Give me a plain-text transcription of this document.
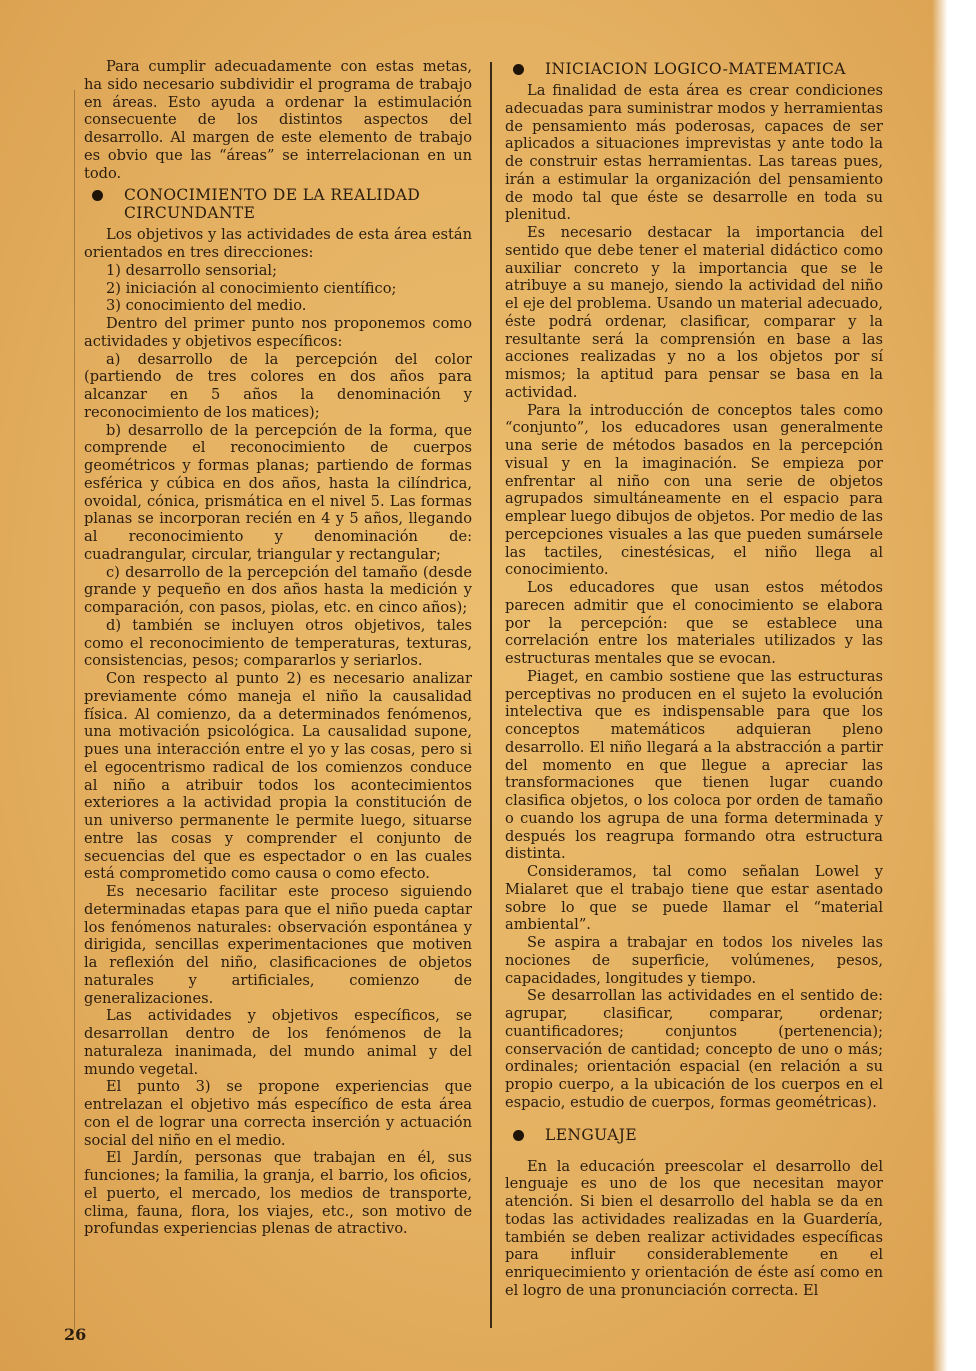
Para cumplir adecuadamente con estas metas, ha sido necesario subdividir el programa de trabajo en áreas. Esto ayuda a ordenar la estimulación consecuente de los distintos aspectos del desarrollo. Al margen de este elemento de trabajo es obvio que las “áreas” se interrelacionan en un todo.

CONOCIMIENTO DE LA REALIDAD CIRCUNDANTE

Los objetivos y las actividades de esta área están orientados en tres direcciones:

1) desarrollo sensorial;

2) iniciación al conocimiento científico;

3) conocimiento del medio.

Dentro del primer punto nos proponemos como actividades y objetivos específicos:

a) desarrollo de la percepción del color (partiendo de tres colores en dos años para alcanzar en 5 años la denominación y reconocimiento de los matices);

b) desarrollo de la percepción de la forma, que comprende el reconocimiento de cuerpos geométricos y formas planas; partiendo de formas esférica y cúbica en dos años, hasta la cilíndrica, ovoidal, cónica, prismática en el nivel 5. Las formas planas se incorporan recién en 4 y 5 años, llegando al reconocimiento y denominación de: cuadrangular, circular, triangular y rectangular;

c) desarrollo de la percepción del tamaño (desde grande y pequeño en dos años hasta la medición y comparación, con pasos, piolas, etc. en cinco años);

d) también se incluyen otros objetivos, tales como el reconocimiento de temperaturas, texturas, consistencias, pesos; compararlos y seriarlos.

Con respecto al punto 2) es necesario analizar previamente cómo maneja el niño la causalidad física. Al comienzo, da a determinados fenómenos, una motivación psicológica. La causalidad supone, pues una interacción entre el yo y las cosas, pero si el egocentrismo radical de los comienzos conduce al niño a atribuir todos los acontecimientos exteriores a la actividad propia la constitución de un universo permanente le permite luego, situarse entre las cosas y comprender el conjunto de secuencias del que es espectador o en las cuales está comprometido como causa o como efecto.

Es necesario facilitar este proceso siguiendo determinadas etapas para que el niño pueda captar los fenómenos naturales: observación espontánea y dirigida, sencillas experimentaciones que motiven la reflexión del niño, clasificaciones de objetos naturales y artificiales, comienzo de generalizaciones.

Las actividades y objetivos específicos, se desarrollan dentro de los fenómenos de la naturaleza inanimada, del mundo animal y del mundo vegetal.

El punto 3) se propone experiencias que entrelazan el objetivo más específico de esta área con el de lograr una correcta inserción y actuación social del niño en el medio.

El Jardín, personas que trabajan en él, sus funciones; la familia, la granja, el barrio, los oficios, el puerto, el mercado, los medios de transporte, clima, fauna, flora, los viajes, etc., son motivo de profundas experiencias plenas de atractivo.

INICIACION LOGICO-MATEMATICA

La finalidad de esta área es crear condiciones adecuadas para suministrar modos y herramientas de pensamiento más poderosas, capaces de ser aplicados a situaciones imprevistas y ante todo la de construir estas herramientas. Las tareas pues, irán a estimular la organización del pensamiento de modo tal que éste se desarrolle en toda su plenitud.

Es necesario destacar la importancia del sentido que debe tener el material didáctico como auxiliar concreto y la importancia que se le atribuye a su manejo, siendo la actividad del niño el eje del problema. Usando un material adecuado, éste podrá ordenar, clasificar, comparar y la resultante será la comprensión en base a las acciones realizadas y no a los objetos por sí mismos; la aptitud para pensar se basa en la actividad.

Para la introducción de conceptos tales como “conjunto”, los educadores usan generalmente una serie de métodos basados en la percepción visual y en la imaginación. Se empieza por enfrentar al niño con una serie de objetos agrupados simultáneamente en el espacio para emplear luego dibujos de objetos. Por medio de las percepciones visuales a las que pueden sumársele las tactiles, cinestésicas, el niño llega al conocimiento.

Los educadores que usan estos métodos parecen admitir que el conocimiento se elabora por la percepción: que se establece una correlación entre los materiales utilizados y las estructuras mentales que se evocan.

Piaget, en cambio sostiene que las estructuras perceptivas no producen en el sujeto la evolución intelectiva que es indispensable para que los conceptos matemáticos adquieran pleno desarrollo. El niño llegará a la abstracción a partir del momento en que llegue a apreciar las transformaciones que tienen lugar cuando clasifica objetos, o los coloca por orden de tamaño o cuando los agrupa de una forma determinada y después los reagrupa formando otra estructura distinta.

Consideramos, tal como señalan Lowel y Mialaret que el trabajo tiene que estar asentado sobre lo que se puede llamar el “material ambiental”.

Se aspira a trabajar en todos los niveles las nociones de superficie, volúmenes, pesos, capacidades, longitudes y tiempo.

Se desarrollan las actividades en el sentido de: agrupar, clasificar, comparar, ordenar; cuantificadores; conjuntos (pertenencia); conservación de cantidad; concepto de uno o más; ordinales; orientación espacial (en relación a su propio cuerpo, a la ubicación de los cuerpos en el espacio, estudio de cuerpos, formas geométricas).

LENGUAJE

En la educación preescolar el desarrollo del lenguaje es uno de los que necesitan mayor atención. Si bien el desarrollo del habla se da en todas las actividades realizadas en la Guardería, también se deben realizar actividades específicas para influir considerablemente en el enriquecimiento y orientación de éste así como en el logro de una pronunciación correcta. El

26
